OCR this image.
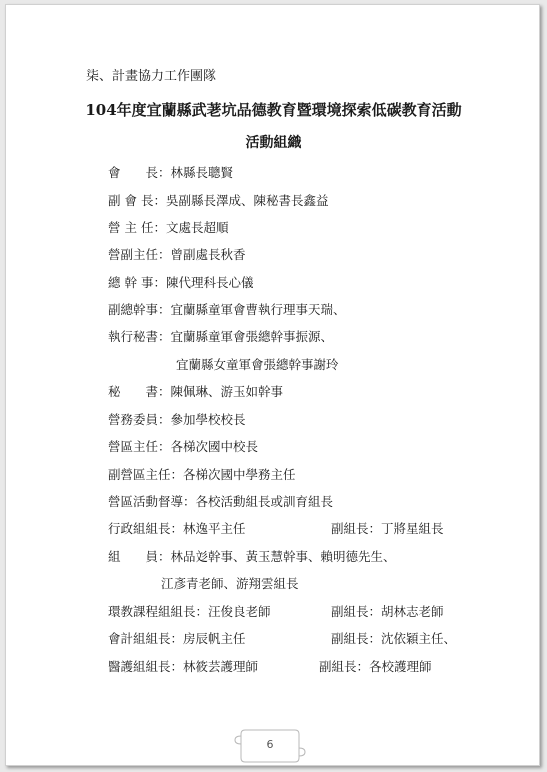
柒、計畫協力工作團隊
104年度宜蘭縣武荖坑品德教育暨環境探索低碳教育活動
活動組織
會　　長：林縣長聰賢
副 會 長：吳副縣長澤成、陳秘書長鑫益
營 主 任：文處長超順
營副主任：曾副處長秋香
總 幹 事：陳代理科長心儀
副總幹事：宜蘭縣童軍會曹執行理事天瑞、
執行秘書：宜蘭縣童軍會張總幹事振源、
宜蘭縣女童軍會張總幹事謝玲
秘　　書：陳佩琳、游玉如幹事
營務委員：參加學校校長
營區主任：各梯次國中校長
副營區主任：各梯次國中學務主任
營區活動督導：各校活動組長或訓育組長
行政組組長：林逸平主任	副組長：丁將星組長
組　　員：林品彣幹事、黃玉慧幹事、賴明德先生、
江彥青老師、游翔雲組長
環教課程組組長：汪俊良老師	副組長：胡林志老師
會計組組長：房辰帆主任	副組長：沈依穎主任、
醫護組組長：林筱芸護理師	副組長：各校護理師
6
